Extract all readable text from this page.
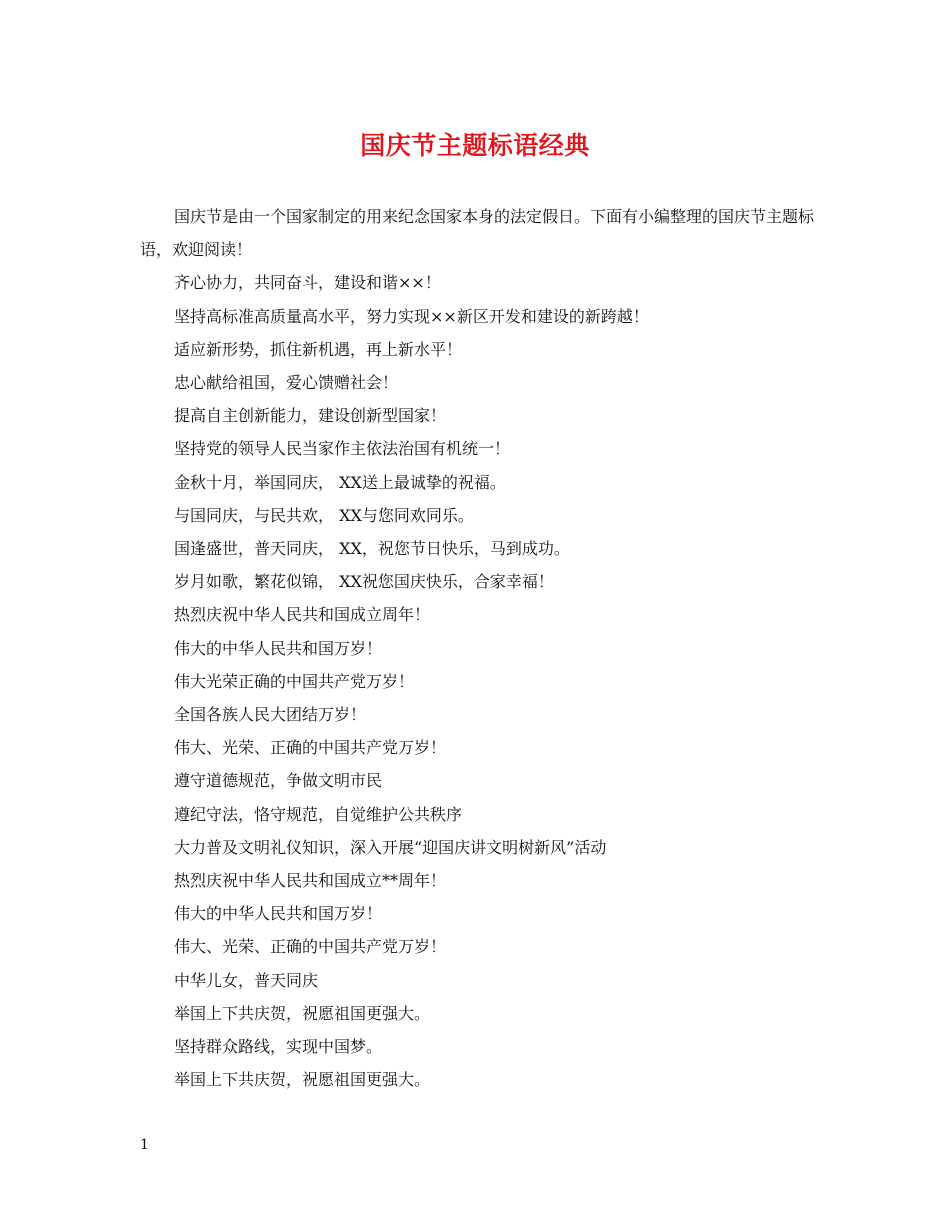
国庆节主题标语经典

国庆节是由一个国家制定的用来纪念国家本身的法定假日。下面有小编整理的国庆节主题标语，欢迎阅读！

齐心协力，共同奋斗，建设和谐××！

坚持高标准高质量高水平，努力实现××新区开发和建设的新跨越！

适应新形势，抓住新机遇，再上新水平！

忠心献给祖国，爱心馈赠社会！

提高自主创新能力，建设创新型国家！

坚持党的领导人民当家作主依法治国有机统一！

金秋十月，举国同庆， XX送上最诚挚的祝福。

与国同庆，与民共欢， XX与您同欢同乐。

国逢盛世，普天同庆， XX，祝您节日快乐，马到成功。

岁月如歌，繁花似锦， XX祝您国庆快乐，合家幸福！

热烈庆祝中华人民共和国成立周年！

伟大的中华人民共和国万岁！

伟大光荣正确的中国共产党万岁！

全国各族人民大团结万岁！

伟大、光荣、正确的中国共产党万岁！

遵守道德规范，争做文明市民

遵纪守法，恪守规范，自觉维护公共秩序

大力普及文明礼仪知识，深入开展“迎国庆讲文明树新风”活动

热烈庆祝中华人民共和国成立**周年！

伟大的中华人民共和国万岁！

伟大、光荣、正确的中国共产党万岁！

中华儿女，普天同庆

举国上下共庆贺，祝愿祖国更强大。

坚持群众路线，实现中国梦。

举国上下共庆贺，祝愿祖国更强大。

1
